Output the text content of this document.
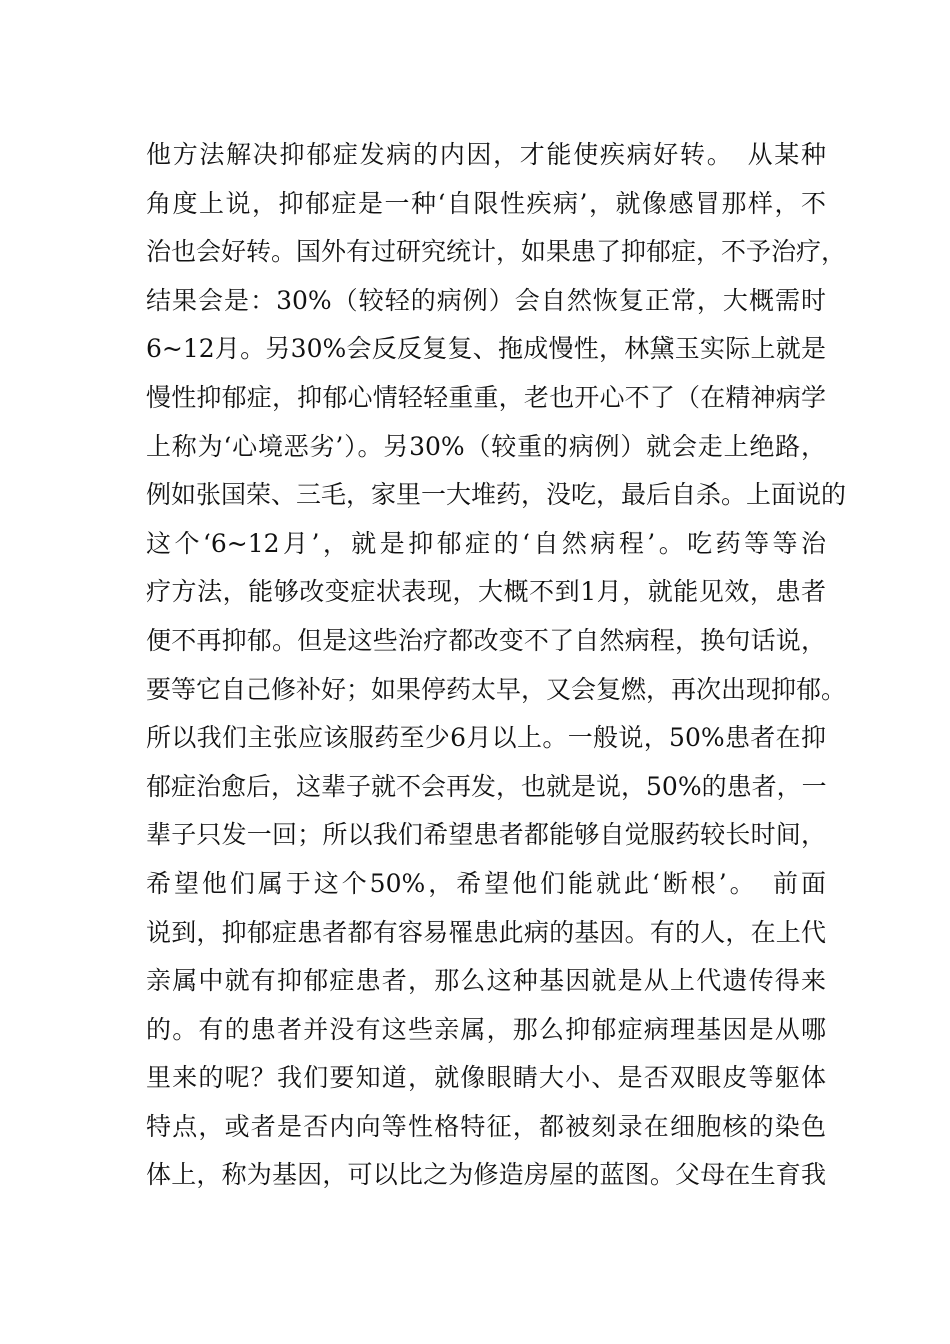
他方法解决抑郁症发病的内因，才能使疾病好转。　从某种
角度上说，抑郁症是一种‘自限性疾病’，就像感冒那样，不
治也会好转。国外有过研究统计，如果患了抑郁症，不予治疗，
结果会是：30%（较轻的病例）会自然恢复正常，大概需时
6~12月。另30%会反反复复、拖成慢性，林黛玉实际上就是
慢性抑郁症，抑郁心情轻轻重重，老也开心不了（在精神病学
上称为‘心境恶劣’）。另30%（较重的病例）就会走上绝路，
例如张国荣、三毛，家里一大堆药，没吃，最后自杀。上面说的
这个‘6~12月’，就是抑郁症的‘自然病程’。吃药等等治
疗方法，能够改变症状表现，大概不到1月，就能见效，患者
便不再抑郁。但是这些治疗都改变不了自然病程，换句话说，
要等它自己修补好；如果停药太早，又会复燃，再次出现抑郁。
所以我们主张应该服药至少6月以上。一般说，50%患者在抑
郁症治愈后，这辈子就不会再发，也就是说，50%的患者，一
辈子只发一回；所以我们希望患者都能够自觉服药较长时间，
希望他们属于这个50%，希望他们能就此‘断根’。　前面
说到，抑郁症患者都有容易罹患此病的基因。有的人，在上代
亲属中就有抑郁症患者，那么这种基因就是从上代遗传得来
的。有的患者并没有这些亲属，那么抑郁症病理基因是从哪
里来的呢？我们要知道，就像眼睛大小、是否双眼皮等躯体
特点，或者是否内向等性格特征，都被刻录在细胞核的染色
体上，称为基因，可以比之为修造房屋的蓝图。父母在生育我
